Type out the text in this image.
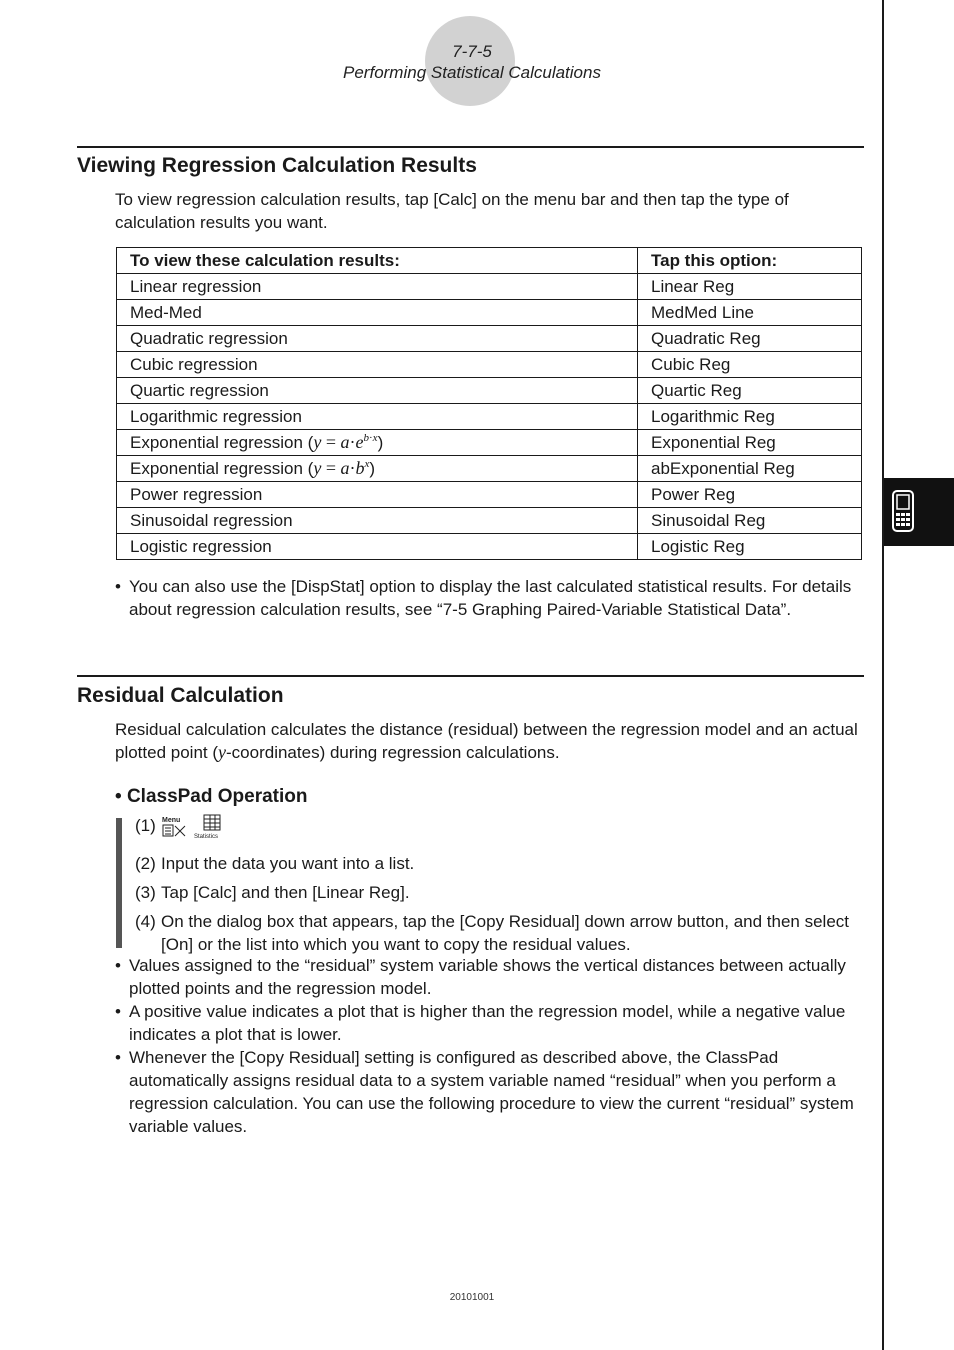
7-7-5
Performing Statistical Calculations
Viewing Regression Calculation Results
To view regression calculation results, tap [Calc] on the menu bar and then tap the type of calculation results you want.
To view these calculation results:	Tap this option:
Linear regression	Linear Reg
Med-Med	MedMed Line
Quadratic regression	Quadratic Reg
Cubic regression	Cubic Reg
Quartic regression	Quartic Reg
Logarithmic regression	Logarithmic Reg
Exponential regression $(y = a\cdot e^{b\cdot x})$	Exponential Reg
Exponential regression $(y = a\cdot b^x)$	abExponential Reg
Power regression	Power Reg
Sinusoidal regression	Sinusoidal Reg
Logistic regression	Logistic Reg
• You can also use the [DispStat] option to display the last calculated statistical results. For details about regression calculation results, see “7-5 Graphing Paired-Variable Statistical Data”.
Residual Calculation
Residual calculation calculates the distance (residual) between the regression model and an actual plotted point (y-coordinates) during regression calculations.
• ClassPad Operation
(1) Menu

Statistics
(2) Input the data you want into a list.
(3) Tap [Calc] and then [Linear Reg].
(4) On the dialog box that appears, tap the [Copy Residual] down arrow button, and then select [On] or the list into which you want to copy the residual values.
• Values assigned to the “residual” system variable shows the vertical distances between actually plotted points and the regression model.
• A positive value indicates a plot that is higher than the regression model, while a negative value indicates a plot that is lower.
• Whenever the [Copy Residual] setting is configured as described above, the ClassPad automatically assigns residual data to a system variable named “residual” when you perform a regression calculation. You can use the following procedure to view the current “residual” system variable values.
20101001
